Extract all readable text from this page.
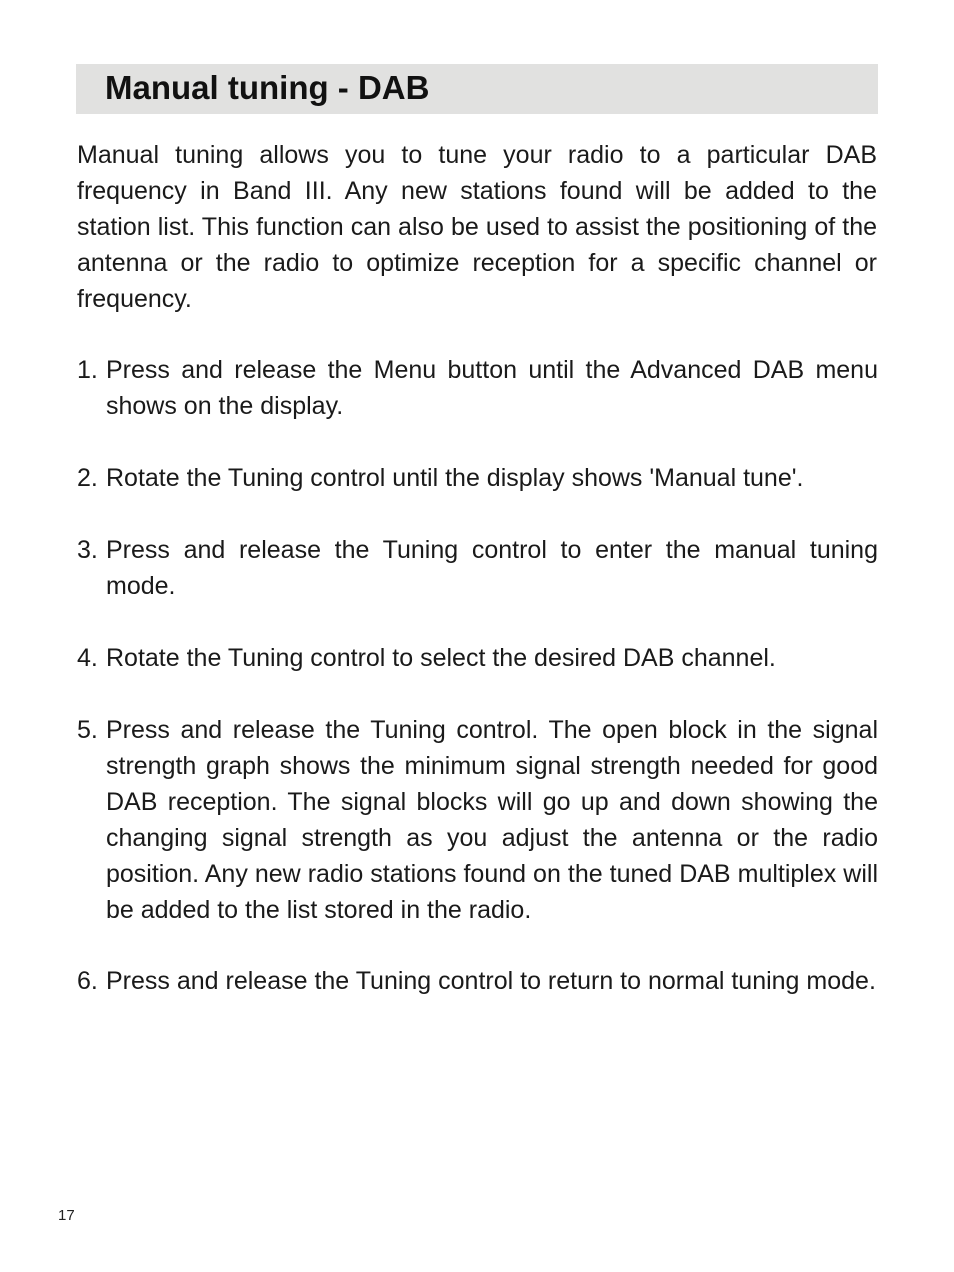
Manual tuning - DAB

Manual tuning allows you to tune your radio to a particular DAB frequency in Band III. Any new stations found will be added to the station list. This function can also be used to assist the positioning of the antenna or the radio to optimize reception for a specific channel or frequency.

1. Press and release the Menu button until the Advanced DAB menu shows on the display.
2. Rotate the Tuning control until the display shows 'Manual tune'.
3. Press and release the Tuning control to enter the manual tuning mode.
4. Rotate the Tuning control to select the desired DAB channel.
5. Press and release the Tuning control. The open block in the signal strength graph shows the minimum signal strength needed for good DAB reception. The signal blocks will go up and down showing the changing signal strength as you adjust the antenna or the radio position. Any new radio stations found on the tuned DAB multiplex will be added to the list stored in the radio.
6. Press and release the Tuning control to return to normal tuning mode.
17
